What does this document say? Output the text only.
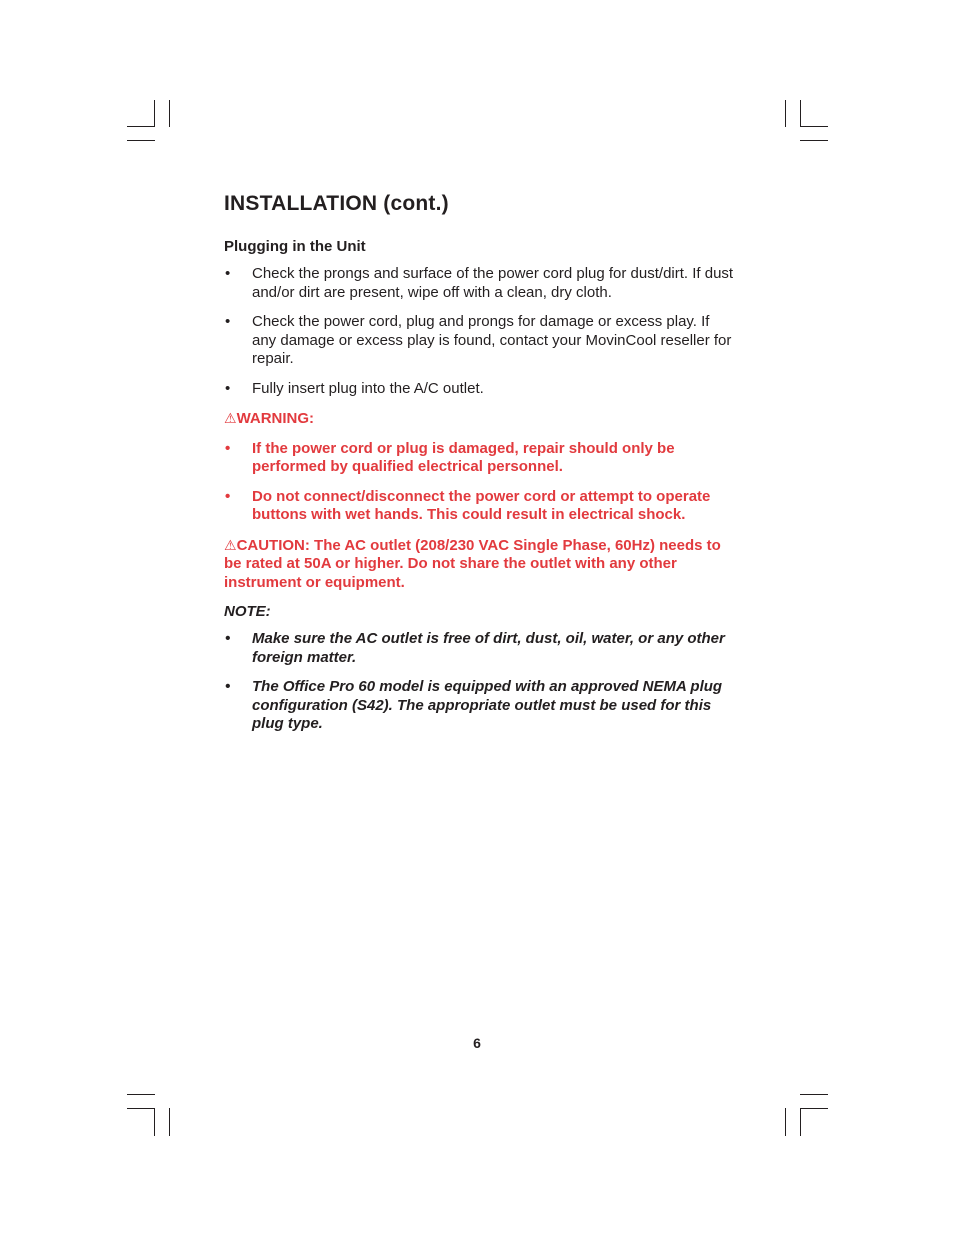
INSTALLATION (cont.)
Plugging in the Unit
• Check the prongs and surface of the power cord plug for dust/dirt. If dust and/or dirt are present, wipe off with a clean, dry cloth.
• Check the power cord, plug and prongs for damage or excess play. If any damage or excess play is found, contact your MovinCool reseller for repair.
• Fully insert plug into the A/C outlet.
⚠WARNING:
• If the power cord or plug is damaged, repair should only be performed by qualified electrical personnel.
• Do not connect/disconnect the power cord or attempt to operate buttons with wet hands. This could result in electrical shock.
⚠CAUTION: The AC outlet (208/230 VAC Single Phase, 60Hz) needs to be rated at 50A or higher. Do not share the outlet with any other instrument or equipment.
NOTE:
• Make sure the AC outlet is free of dirt, dust, oil, water, or any other foreign matter.
• The Office Pro 60 model is equipped with an approved NEMA plug configuration (S42). The appropriate outlet must be used for this plug type.
6
